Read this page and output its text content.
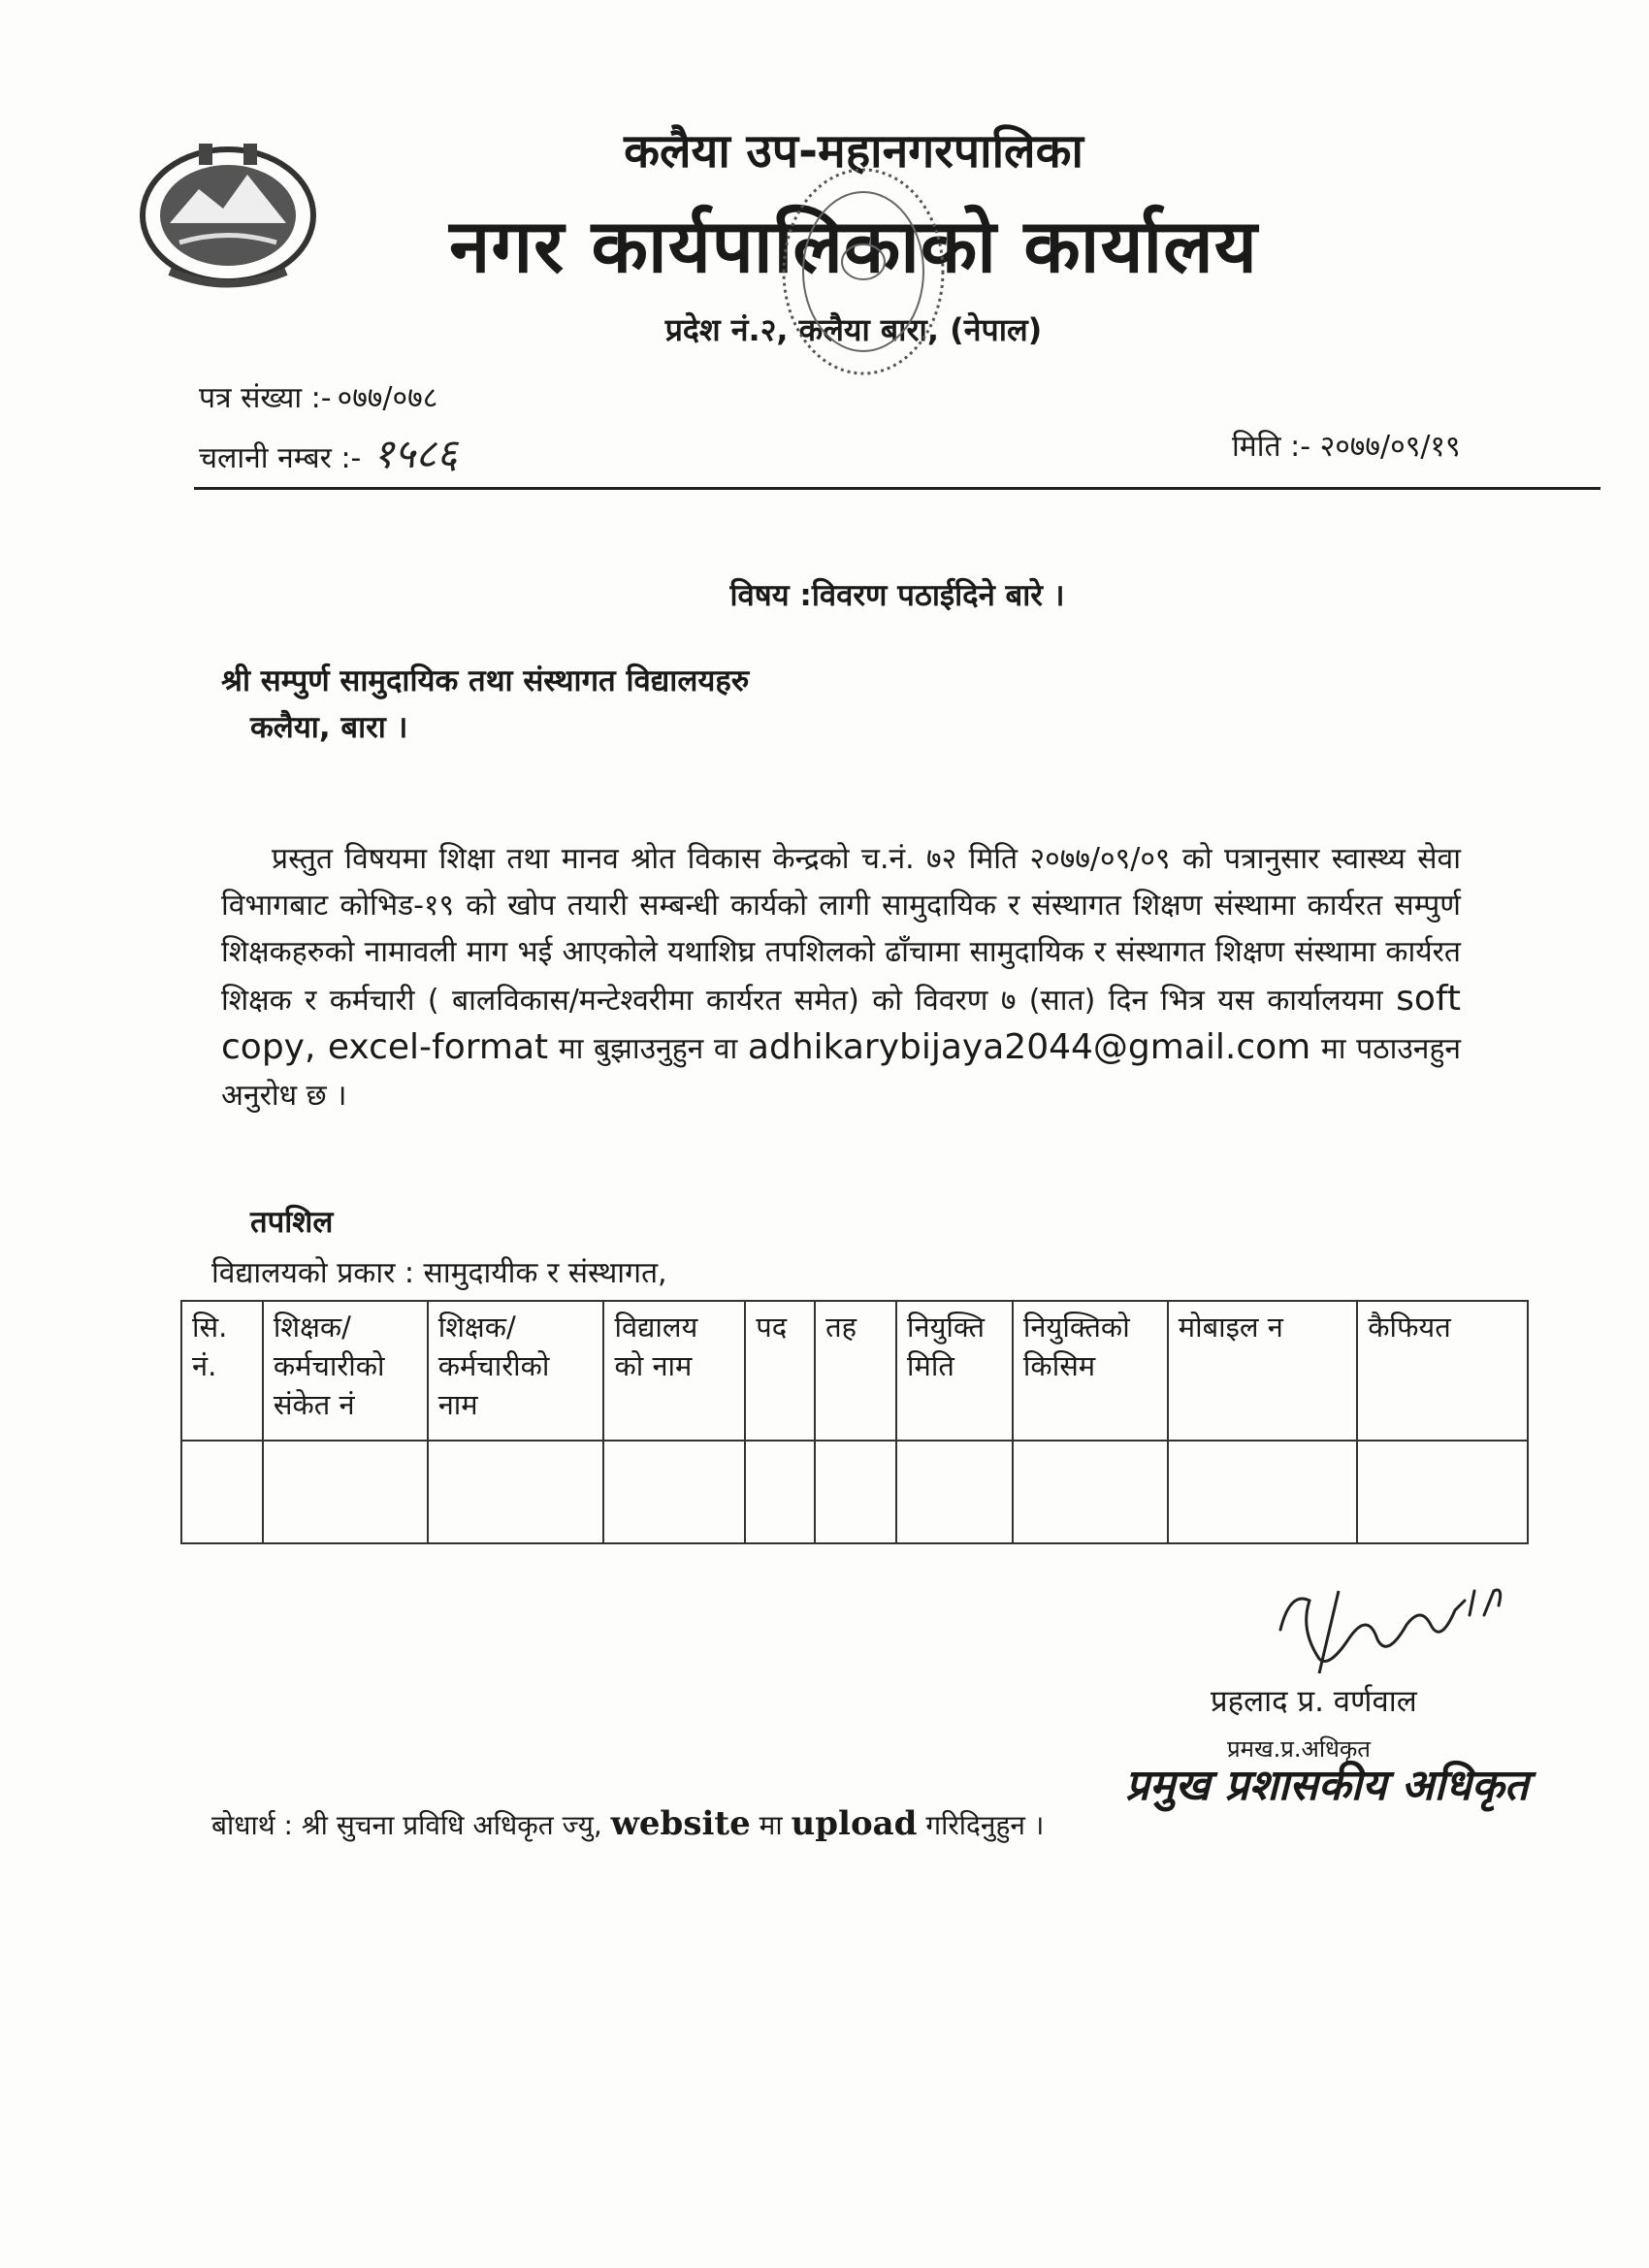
कलैया उप-महानगरपालिका
नगर कार्यपालिकाको कार्यालय
प्रदेश नं.२, कलैया बारा, (नेपाल)
पत्र संख्या :- ०७७/०७८
चलानी नम्बर :- १५८६	मिति :- २०७७/०९/१९
विषय :विवरण पठाईदिने बारे ।
श्री सम्पुर्ण सामुदायिक तथा संस्थागत विद्यालयहरु
कलैया, बारा ।
प्रस्तुत विषयमा शिक्षा तथा मानव श्रोत विकास केन्द्रको च.नं. ७२ मिति २०७७/०९/०९ को पत्रानुसार स्वास्थ्य सेवा विभागबाट कोभिड-१९ को खोप तयारी सम्बन्धी कार्यको लागी सामुदायिक र संस्थागत शिक्षण संस्थामा कार्यरत सम्पुर्ण शिक्षकहरुको नामावली माग भई आएकोले यथाशिघ्र तपशिलको ढाँचामा सामुदायिक र संस्थागत शिक्षण संस्थामा कार्यरत शिक्षक र कर्मचारी ( बालविकास/मन्टेश्वरीमा कार्यरत समेत) को विवरण ७ (सात) दिन भित्र यस कार्यालयमा soft copy, excel-format मा बुझाउनुहुन वा adhikarybijaya2044@gmail.com मा पठाउनहुन अनुरोध छ ।
तपशिल
विद्यालयको प्रकार : सामुदायीक र संस्थागत,
सि. नं.	शिक्षक/ कर्मचारीको संकेत नं	शिक्षक/ कर्मचारीको नाम	विद्यालय को नाम	पद	तह	नियुक्ति मिति	नियुक्तिको किसिम	मोबाइल न	कैफियत

प्रहलाद प्र. वर्णवाल
प्रमख.प्र.अधिकृत
प्रमुख प्रशासकीय अधिकृत
बोधार्थ : श्री सुचना प्रविधि अधिकृत ज्यु, website मा upload गरिदिनुहुन ।
